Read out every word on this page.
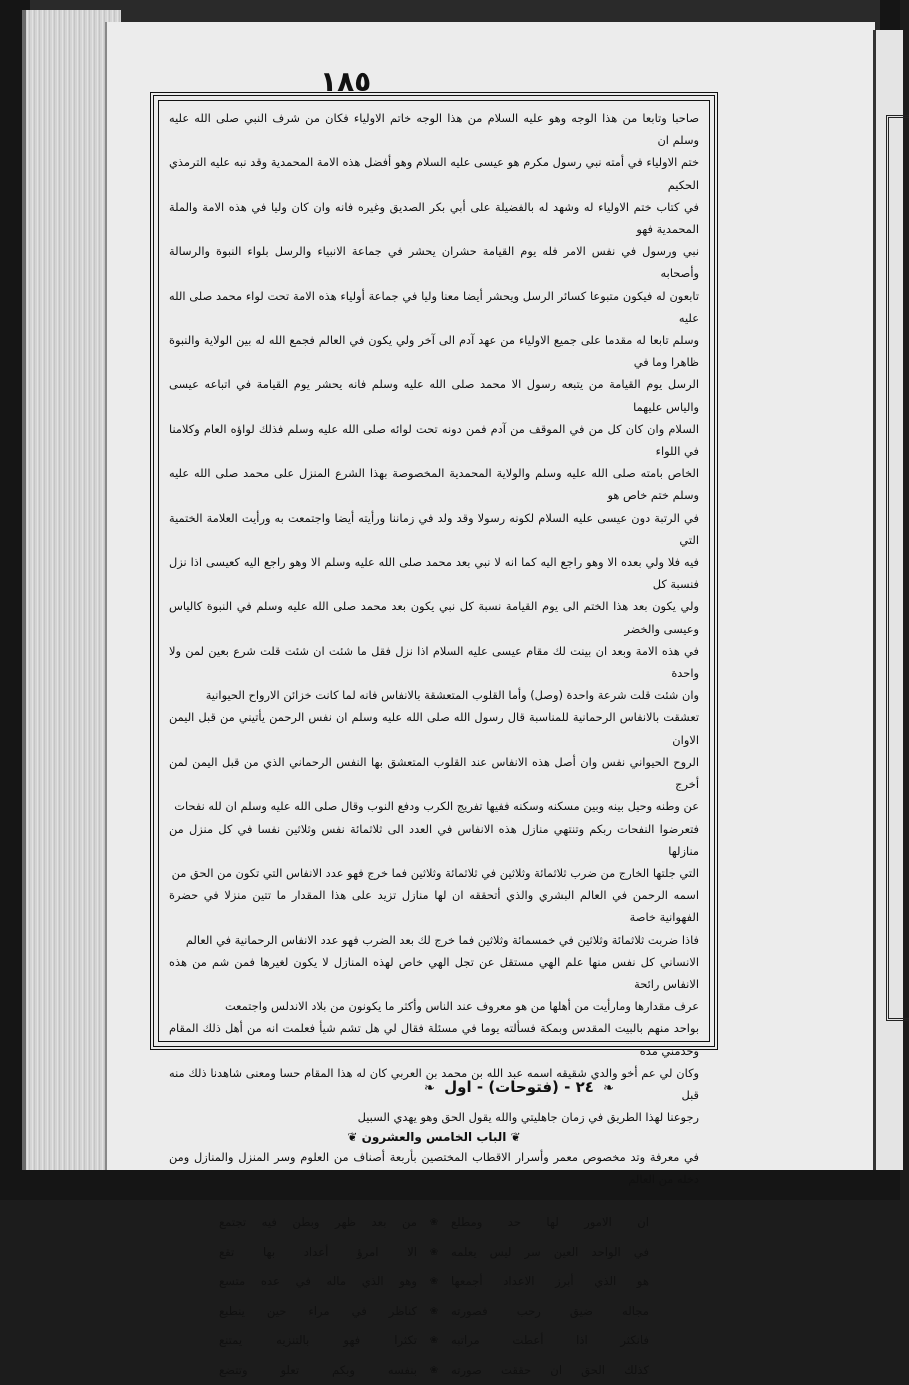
١٨٥
صاحبا وتابعا من هذا الوجه وهو عليه السلام من هذا الوجه خاتم الاولياء فكان من شرف النبي صلى الله عليه وسلم ان
ختم الاولياء في أمته نبي رسول مكرم هو عيسى عليه السلام وهو أفضل هذه الامة المحمدية وقد نبه عليه الترمذي الحكيم
في كتاب ختم الاولياء له وشهد له بالفضيلة على أبي بكر الصديق وغيره فانه وان كان وليا في هذه الامة والملة المحمدية فهو
نبي ورسول في نفس الامر فله يوم القيامة حشران يحشر في جماعة الانبياء والرسل بلواء النبوة والرسالة وأصحابه
تابعون له فيكون متبوعا كسائر الرسل ويحشر أيضا معنا وليا في جماعة أولياء هذه الامة تحت لواء محمد صلى الله عليه
وسلم تابعا له مقدما على جميع الاولياء من عهد آدم الى آخر ولي يكون في العالم فجمع الله له بين الولاية والنبوة ظاهرا وما في
الرسل يوم القيامة من يتبعه رسول الا محمد صلى الله عليه وسلم فانه يحشر يوم القيامة في اتباعه عيسى والياس عليهما
السلام وان كان كل من في الموقف من آدم فمن دونه تحت لوائه صلى الله عليه وسلم فذلك لواؤه العام وكلامنا في اللواء
الخاص بامته صلى الله عليه وسلم والولاية المحمدية المخصوصة بهذا الشرع المنزل على محمد صلى الله عليه وسلم ختم خاص هو
في الرتبة دون عيسى عليه السلام لكونه رسولا وقد ولد في زماننا ورأيته أيضا واجتمعت به ورأيت العلامة الختمية التي
فيه فلا ولي بعده الا وهو راجع اليه كما انه لا نبي بعد محمد صلى الله عليه وسلم الا وهو راجع اليه كعيسى اذا نزل فنسبة كل
ولي يكون بعد هذا الختم الى يوم القيامة نسبة كل نبي يكون بعد محمد صلى الله عليه وسلم في النبوة كالياس وعيسى والخضر
في هذه الامة وبعد ان بينت لك مقام عيسى عليه السلام اذا نزل فقل ما شئت ان شئت قلت شرع بعين لمن ولا واحدة
وان شئت قلت شرعة واحدة (وصل) وأما القلوب المتعشقة بالانفاس فانه لما كانت خزائن الارواح الحيوانية
تعشقت بالانفاس الرحمانية للمناسبة قال رسول الله صلى الله عليه وسلم ان نفس الرحمن يأتيني من قبل اليمن الاوان
الروح الحيواني نفس وان أصل هذه الانفاس عند القلوب المتعشق بها النفس الرحماني الذي من قبل اليمن لمن أخرج
عن وطنه وحيل بينه وبين مسكنه وسكنه ففيها تفريج الكرب ودفع النوب وقال صلى الله عليه وسلم ان لله نفحات
فتعرضوا النفحات ربكم وتنتهي منازل هذه الانفاس في العدد الى ثلاثمائة نفس وثلاثين نفسا في كل منزل من منازلها
التي جلتها الخارج من ضرب ثلاثمائة وثلاثين في ثلاثمائة وثلاثين فما خرج فهو عدد الانفاس التي تكون من الحق من
اسمه الرحمن في العالم البشري والذي أتحققه ان لها منازل تزيد على هذا المقدار ما تتين منزلا في حضرة الفهوانية خاصة
فاذا ضربت ثلاثمائة وثلاثين في خمسمائة وثلاثين فما خرج لك بعد الضرب فهو عدد الانفاس الرحمانية في العالم
الانساني كل نفس منها علم الهي مستقل عن تجل الهي خاص لهذه المنازل لا يكون لغيرها فمن شم من هذه الانفاس رائحة
عرف مقدارها ومارأيت من أهلها من هو معروف عند الناس وأكثر ما يكونون من بلاد الاندلس واجتمعت
بواحد منهم بالبيت المقدس وبمكة فسألته يوما في مسئلة فقال لي هل تشم شيأ فعلمت انه من أهل ذلك المقام وخدمني مدة
وكان لي عم أخو والدي شقيقه اسمه عبد الله بن محمد بن العربي كان له هذا المقام حسا ومعنى شاهدنا ذلك منه قبل
رجوعنا لهذا الطريق في زمان جاهليتي والله يقول الحق وهو يهدي السبيل
❦ الباب الخامس والعشرون ❦
في معرفة وتد مخصوص معمر وأسرار الاقطاب المختصين بأربعة أصناف من العلوم وسر المنزل والمنازل ومن دخله من العالم
ان الامور لها حد ومطلع
❀
من بعد ظهر وبطن فيه تجتمع
في الواحد العين سر ليس يعلمه
❀
الا امرؤ أعداد بها تقع
هو الذي أبرز الاعداد أجمعها
❀
وهو الذي ماله في عده متسع
مجاله ضيق رحب فصورته
❀
كناظر في مراء حين ينطبع
فانكثر اذا أعطت مراتبه
❀
تكثرا فهو بالتنزيه يمتنع
كذلك الحق ان حققت صورته
❀
بنفسه وبكم تعلو وتتضع
❧ ٢٤ - (فتوحات) - اول ❧
